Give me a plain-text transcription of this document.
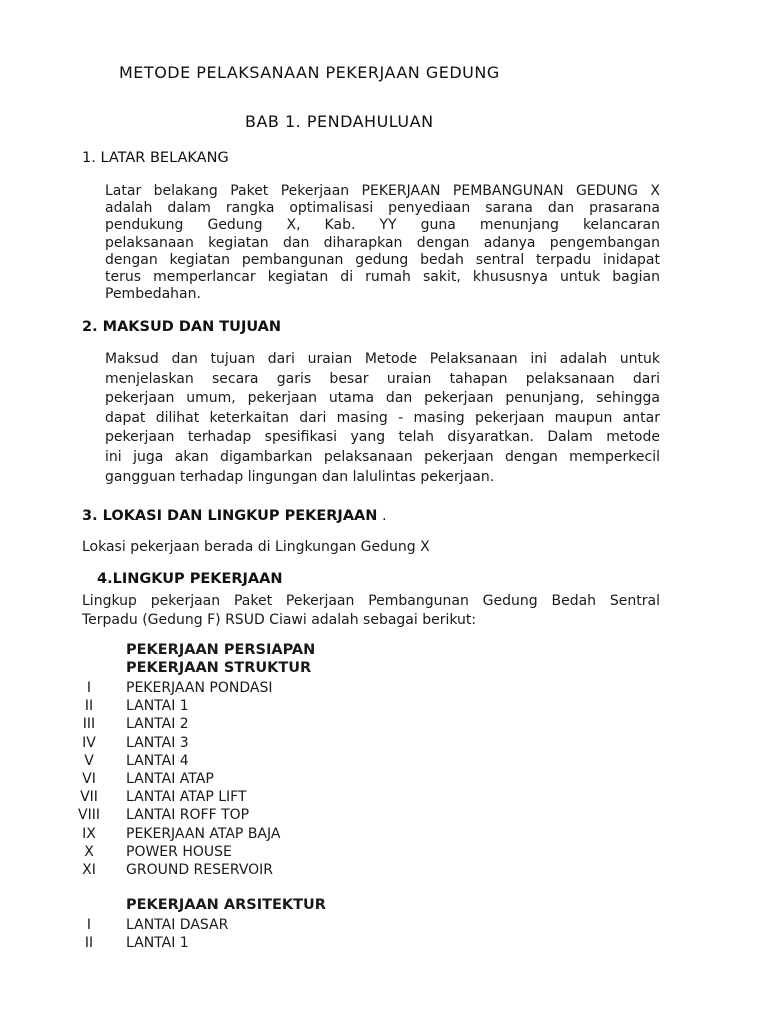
METODE PELAKSANAAN PEKERJAAN GEDUNG
BAB 1. PENDAHULUAN
1. LATAR BELAKANG

Latar belakang Paket Pekerjaan PEKERJAAN PEMBANGUNAN GEDUNG X

adalah dalam rangka optimalisasi penyediaan sarana dan prasarana

pendukung Gedung X, Kab. YY guna menunjang kelancaran

pelaksanaan kegiatan dan diharapkan dengan adanya pengembangan

dengan kegiatan pembangunan gedung bedah sentral terpadu inidapat

terus memperlancar kegiatan di rumah sakit, khususnya untuk bagian

Pembedahan.

2. MAKSUD DAN TUJUAN

Maksud dan tujuan dari uraian Metode Pelaksanaan ini adalah untuk

menjelaskan secara garis besar uraian tahapan pelaksanaan dari

pekerjaan umum, pekerjaan utama dan pekerjaan penunjang, sehingga

dapat dilihat keterkaitan dari masing - masing pekerjaan maupun antar

pekerjaan terhadap spesifikasi yang telah disyaratkan. Dalam metode

ini juga akan digambarkan pelaksanaan pekerjaan dengan memperkecil

gangguan terhadap lingungan dan lalulintas pekerjaan.

3. LOKASI DAN LINGKUP PEKERJAAN .
Lokasi pekerjaan berada di Lingkungan Gedung X
4.LINGKUP PEKERJAAN

Lingkup pekerjaan Paket Pekerjaan Pembangunan Gedung Bedah Sentral

Terpadu (Gedung F) RSUD Ciawi adalah sebagai berikut:

PEKERJAAN PERSIAPAN
PEKERJAAN STRUKTUR
I	PEKERJAAN PONDASI
II	LANTAI 1
III	LANTAI 2
IV	LANTAI 3
V	LANTAI 4
VI	LANTAI ATAP
VII	LANTAI ATAP LIFT
VIII	LANTAI ROFF TOP
IX	PEKERJAAN ATAP BAJA
X	POWER HOUSE
XI	GROUND RESERVOIR
PEKERJAAN ARSITEKTUR
I	LANTAI DASAR
II	LANTAI 1
